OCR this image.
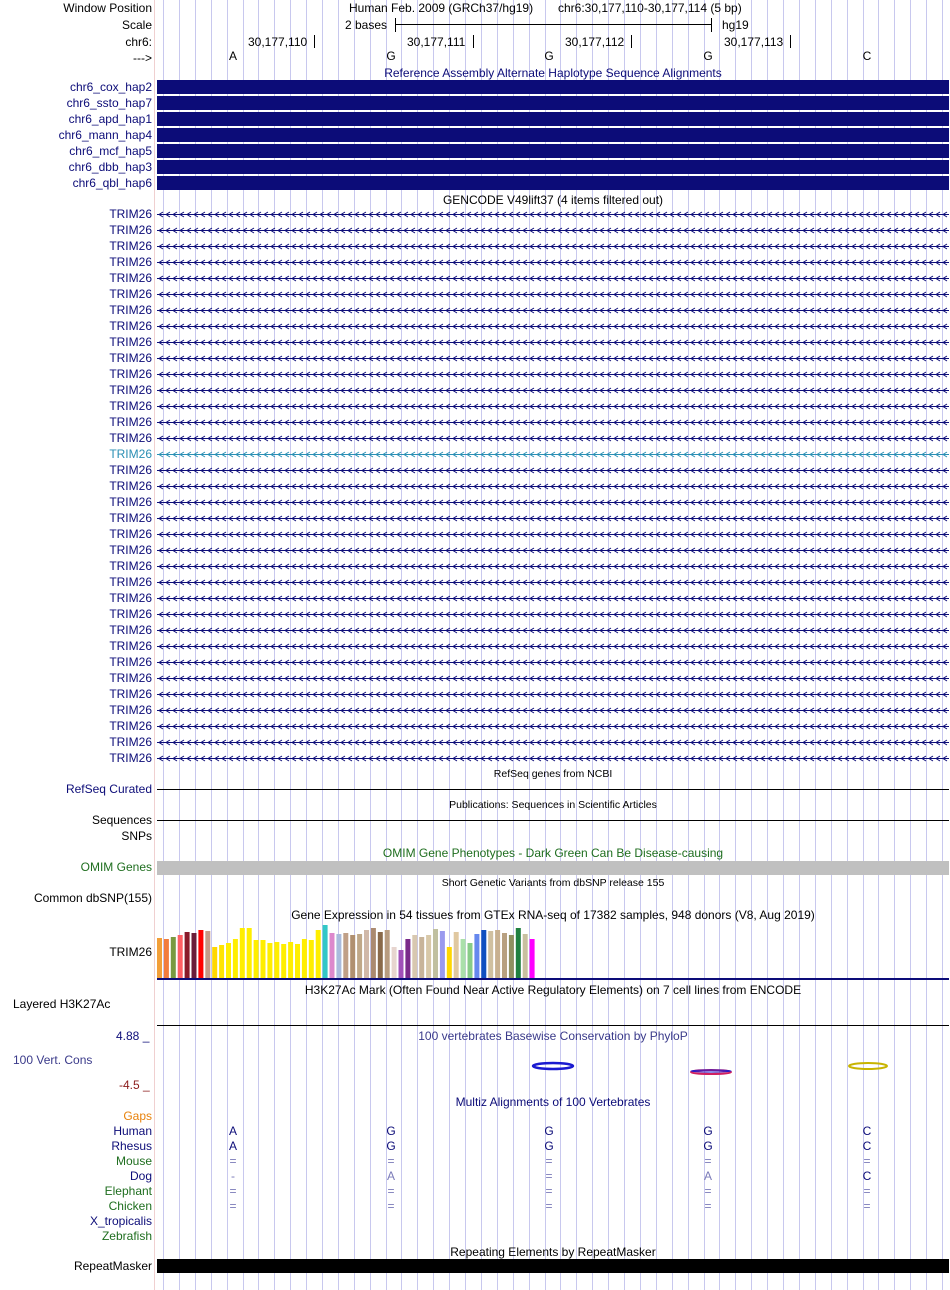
Window Position
Scale
chr6:
--->
Human Feb. 2009 (GRCh37/hg19) chr6:30,177,110-30,177,114 (5 bp)
2 bases	hg19
30,177,110	30,177,111	30,177,112	30,177,113
A	G	G	G	C
Reference Assembly Alternate Haplotype Sequence Alignments
chr6_cox_hap2
chr6_ssto_hap7
chr6_apd_hap1
chr6_mann_hap4
chr6_mcf_hap5
chr6_dbb_hap3
chr6_qbl_hap6
GENCODE V49lift37 (4 items filtered out)
TRIM26
TRIM26
TRIM26
TRIM26
TRIM26
TRIM26
TRIM26
TRIM26
TRIM26
TRIM26
TRIM26
TRIM26
TRIM26
TRIM26
TRIM26
TRIM26
TRIM26
TRIM26
TRIM26
TRIM26
TRIM26
TRIM26
TRIM26
TRIM26
TRIM26
TRIM26
TRIM26
TRIM26
TRIM26
TRIM26
TRIM26
TRIM26
TRIM26
TRIM26
TRIM26
RefSeq genes from NCBI
RefSeq Curated
Publications: Sequences in Scientific Articles
Sequences
SNPs
OMIM Gene Phenotypes - Dark Green Can Be Disease-causing
OMIM Genes
Short Genetic Variants from dbSNP release 155
Common dbSNP(155)
Gene Expression in 54 tissues from GTEx RNA-seq of 17382 samples, 948 donors (V8, Aug 2019)
TRIM26
H3K27Ac Mark (Often Found Near Active Regulatory Elements) on 7 cell lines from ENCODE
Layered H3K27Ac
100 vertebrates Basewise Conservation by PhyloP
4.88 _
100 Vert. Cons
-4.5 _
Multiz Alignments of 100 Vertebrates
Gaps
Human	A	G	G	G	C
Rhesus	A	G	G	G	C
Mouse	=	=	=	=	=
Dog	-	A	=	A	C
Elephant	=	=	=	=	=
Chicken	=	=	=	=	=
X_tropicalis
Zebrafish
Repeating Elements by RepeatMasker
RepeatMasker
